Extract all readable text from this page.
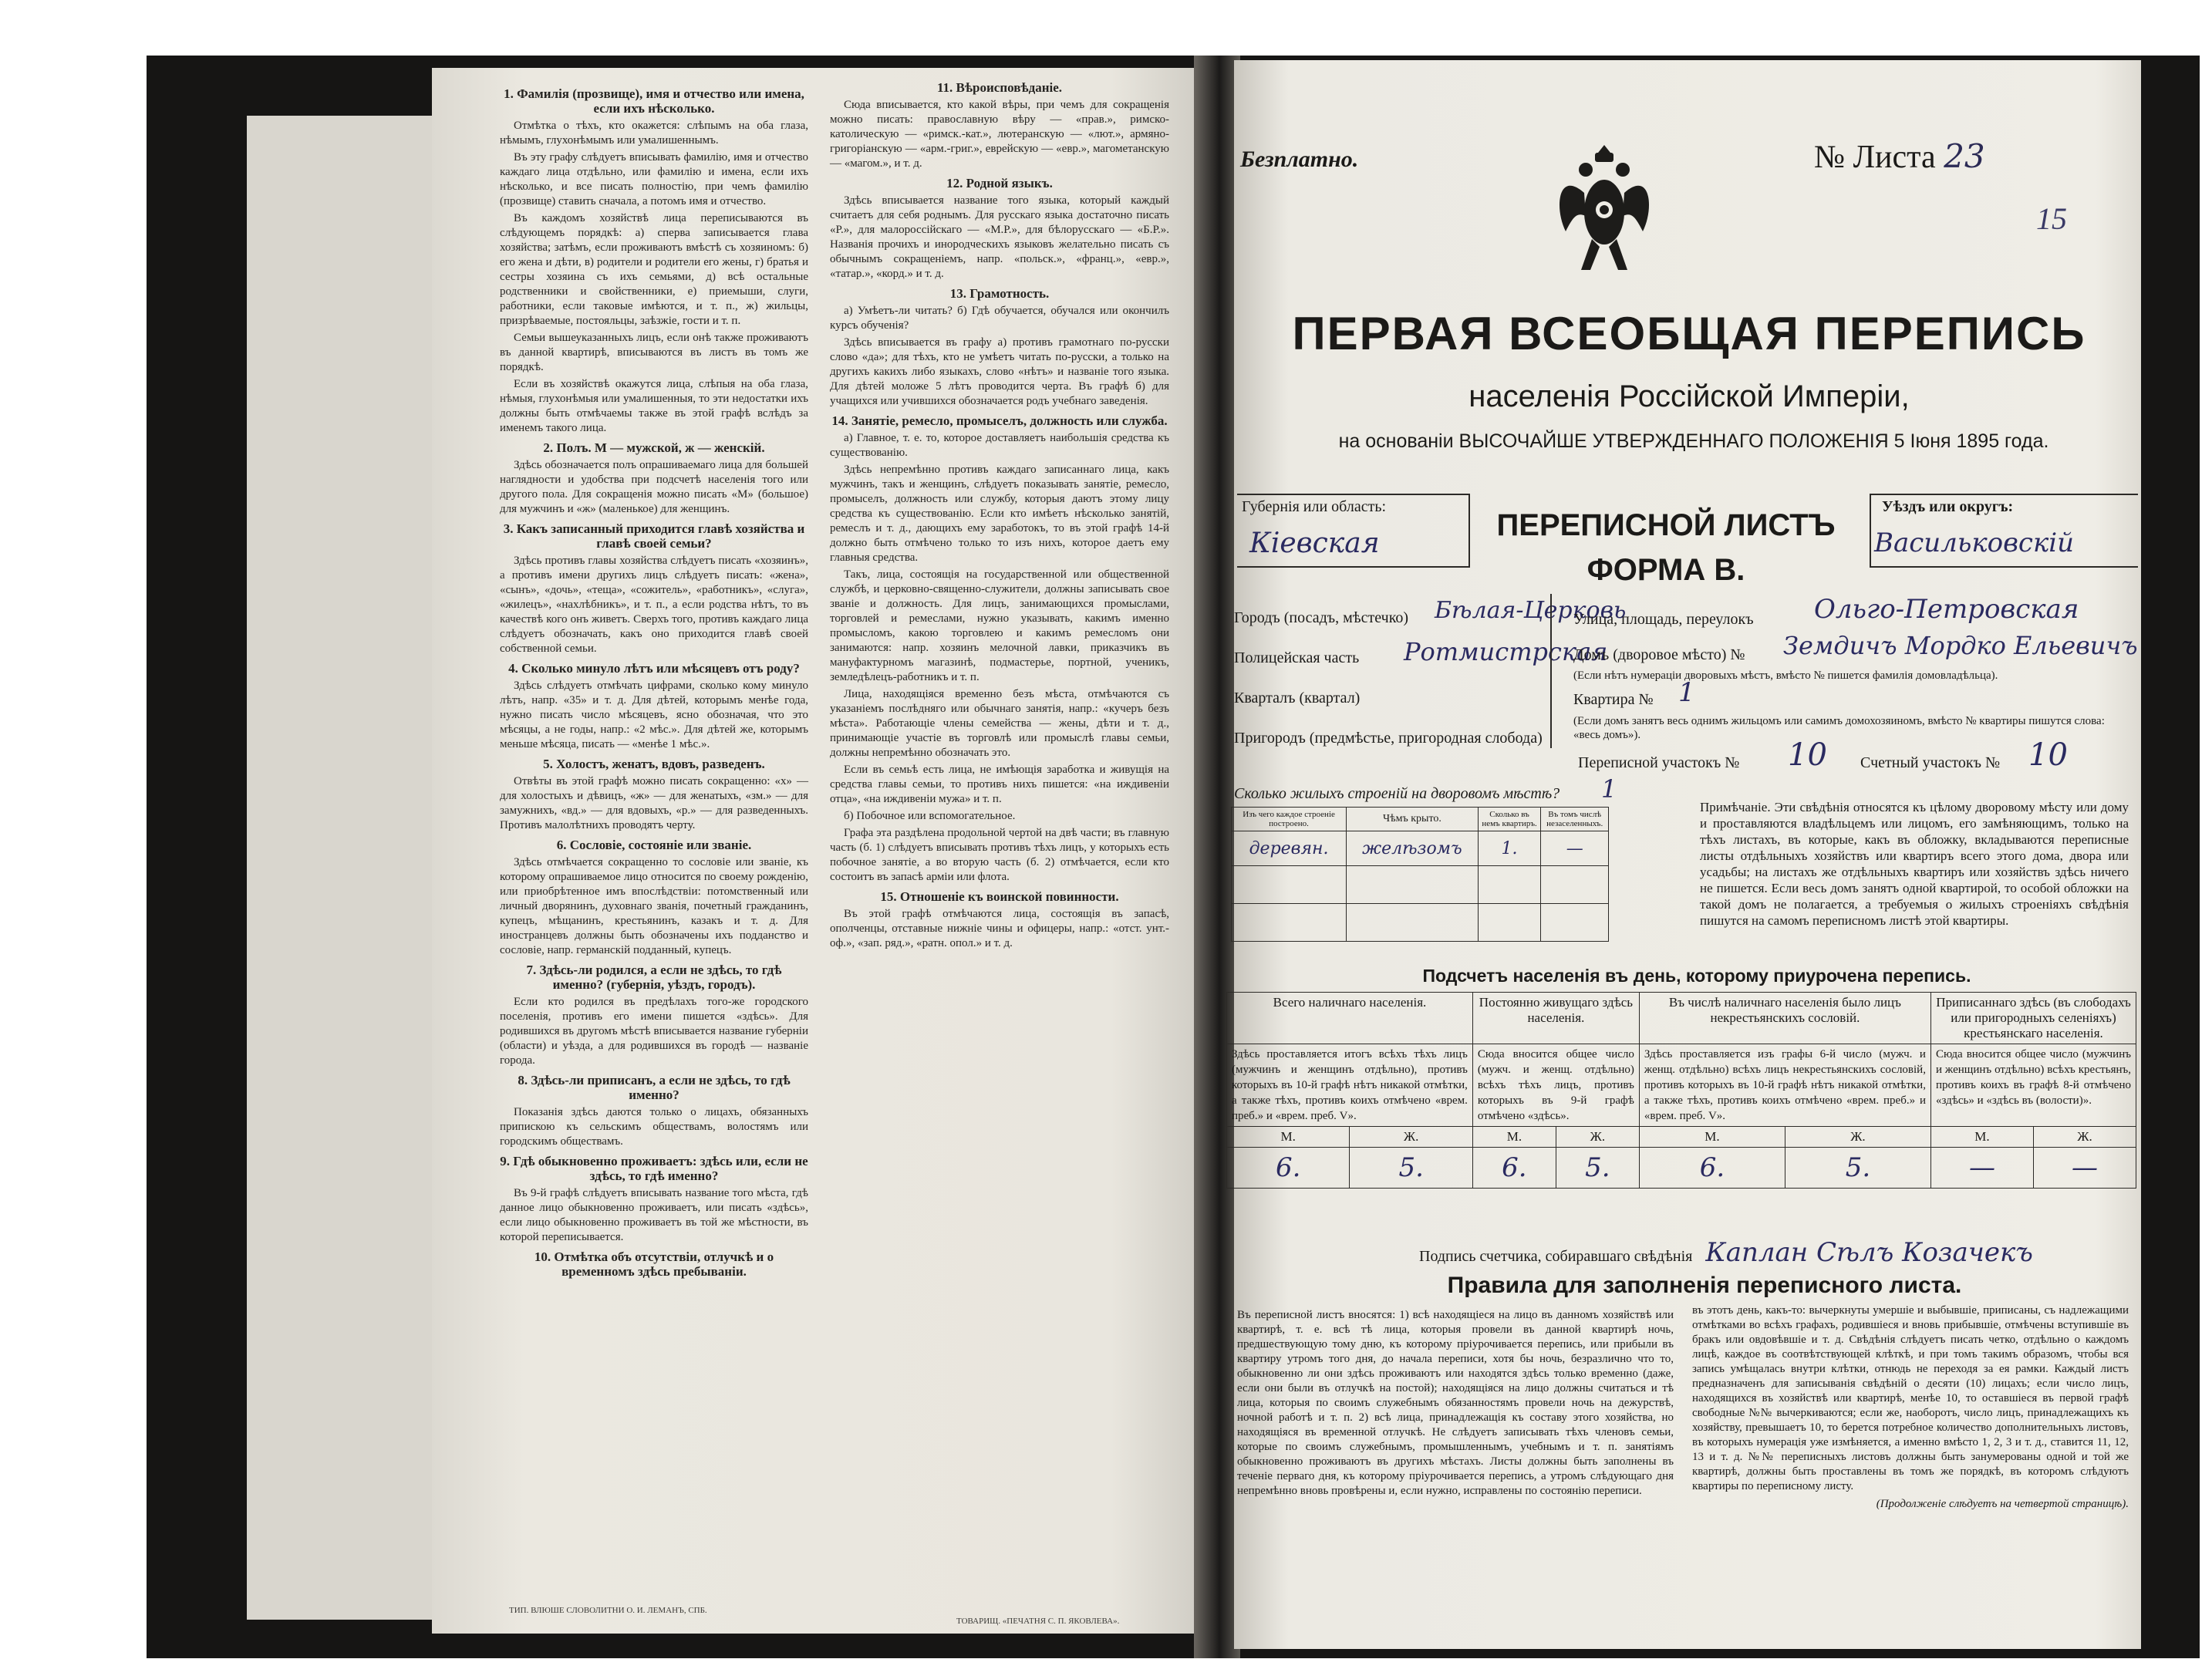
1. Фамилія (прозвище), имя и отчество или имена, если ихъ нѣсколько.

Отмѣтка о тѣхъ, кто окажется: слѣпымъ на оба глаза, нѣмымъ, глухонѣмымъ или умалишеннымъ.

Въ эту графу слѣдуетъ вписывать фамилію, имя и отчество каждаго лица отдѣльно, или фамилію и имена, если ихъ нѣсколько, и все писать полностію, при чемъ фамилію (прозвище) ставить сначала, а потомъ имя и отчество.

Въ каждомъ хозяйствѣ лица переписываются въ слѣдующемъ порядкѣ: а) сперва записывается глава хозяйства; затѣмъ, если проживаютъ вмѣстѣ съ хозяиномъ: б) его жена и дѣти, в) родители и родители его жены, г) братья и сестры хозяина съ ихъ семьями, д) всѣ остальные родственники и свойственники, е) приемыши, слуги, работники, если таковые имѣются, и т. п., ж) жильцы, призрѣваемые, постояльцы, заѣзжіе, гости и т. п.

Семьи вышеуказанныхъ лицъ, если онѣ также проживаютъ въ данной квартирѣ, вписываются въ листъ въ томъ же порядкѣ.

Если въ хозяйствѣ окажутся лица, слѣпыя на оба глаза, нѣмыя, глухонѣмыя или умалишенныя, то эти недостатки ихъ должны быть отмѣчаемы также въ этой графѣ вслѣдъ за именемъ такого лица.

2. Полъ. М — мужской, ж — женскій.

Здѣсь обозначается полъ опрашиваемаго лица для большей наглядности и удобства при подсчетѣ населенія того или другого пола. Для сокращенія можно писать «М» (большое) для мужчинъ и «ж» (маленькое) для женщинъ.

3. Какъ записанный приходится главѣ хозяйства и главѣ своей семьи?

Здѣсь противъ главы хозяйства слѣдуетъ писать «хозяинъ», а противъ имени другихъ лицъ слѣдуетъ писать: «жена», «сынъ», «дочь», «теща», «сожитель», «работникъ», «слуга», «жилецъ», «нахлѣбникъ», и т. п., а если родства нѣтъ, то въ качествѣ кого онъ живетъ. Сверхъ того, противъ каждаго лица слѣдуетъ обозначать, какъ оно приходится главѣ своей собственной семьи.

4. Сколько минуло лѣтъ или мѣсяцевъ отъ роду?

Здѣсь слѣдуетъ отмѣчать цифрами, сколько кому минуло лѣтъ, напр. «35» и т. д. Для дѣтей, которымъ менѣе года, нужно писать число мѣсяцевъ, ясно обозначая, что это мѣсяцы, а не годы, напр.: «2 мѣс.». Для дѣтей же, которымъ меньше мѣсяца, писать — «менѣе 1 мѣс.».

5. Холостъ, женатъ, вдовъ, разведенъ.

Отвѣты въ этой графѣ можно писать сокращенно: «х» — для холостыхъ и дѣвицъ, «ж» — для женатыхъ, «зм.» — для замужнихъ, «вд.» — для вдовыхъ, «р.» — для разведенныхъ. Противъ малолѣтнихъ проводятъ черту.

6. Сословіе, состояніе или званіе.

Здѣсь отмѣчается сокращенно то сословіе или званіе, къ которому опрашиваемое лицо относится по своему рожденію, или приобрѣтенное имъ впослѣдствіи: потомственный или личный дворянинъ, духовнаго званія, почетный гражданинъ, купецъ, мѣщанинъ, крестьянинъ, казакъ и т. д. Для иностранцевъ должны быть обозначены ихъ подданство и сословіе, напр. германскій подданный, купецъ.

7. Здѣсь-ли родился, а если не здѣсь, то гдѣ именно? (губернія, уѣздъ, городъ).

Если кто родился въ предѣлахъ того-же городского поселенія, противъ его имени пишется «здѣсь». Для родившихся въ другомъ мѣстѣ вписывается название губерніи (области) и уѣзда, а для родившихся въ городѣ — названіе города.

8. Здѣсь-ли приписанъ, а если не здѣсь, то гдѣ именно?

Показанія здѣсь даются только о лицахъ, обязанныхъ припискою къ сельскимъ обществамъ, волостямъ или городскимъ обществамъ.

9. Гдѣ обыкновенно проживаетъ: здѣсь или, если не здѣсь, то гдѣ именно?

Въ 9-й графѣ слѣдуетъ вписывать название того мѣста, гдѣ данное лицо обыкновенно проживаетъ, или писать «здѣсь», если лицо обыкновенно проживаетъ въ той же мѣстности, въ которой переписывается.

10. Отмѣтка объ отсутствіи, отлучкѣ и о временномъ здѣсь пребываніи.
11. Вѣроисповѣданіе.

Сюда вписывается, кто какой вѣры, при чемъ для сокращенія можно писать: православную вѣру — «прав.», римско-католическую — «римск.-кат.», лютеранскую — «лют.», армяно-григоріанскую — «арм.-григ.», еврейскую — «евр.», магометанскую — «магом.», и т. д.

12. Родной языкъ.

Здѣсь вписывается название того языка, который каждый считаетъ для себя роднымъ. Для русскаго языка достаточно писать «Р.», для малороссійскаго — «М.Р.», для бѣлорусскаго — «Б.Р.». Названія прочихъ и инородческихъ языковъ желательно писать съ обычнымъ сокращеніемъ, напр. «польск.», «франц.», «евр.», «татар.», «корд.» и т. д.

13. Грамотность.

а) Умѣетъ-ли читать? б) Гдѣ обучается, обучался или окончилъ курсъ обученія?

Здѣсь вписывается въ графу а) противъ грамотнаго по-русски слово «да»; для тѣхъ, кто не умѣетъ читать по-русски, а только на другихъ какихъ либо языкахъ, слово «нѣтъ» и названіе того языка. Для дѣтей моложе 5 лѣтъ проводится черта. Въ графѣ б) для учащихся или учившихся обозначается родъ учебнаго заведенія.

14. Занятіе, ремесло, промыселъ, должность или служба.

а) Главное, т. е. то, которое доставляетъ наибольшія средства къ существованію.

Здѣсь непремѣнно противъ каждаго записаннаго лица, какъ мужчинъ, такъ и женщинъ, слѣдуетъ показывать занятіе, ремесло, промыселъ, должность или службу, которыя даютъ этому лицу средства къ существованію. Если кто имѣетъ нѣсколько занятій, ремеслъ и т. д., дающихъ ему заработокъ, то въ этой графѣ 14-й должно быть отмѣчено только то изъ нихъ, которое даетъ ему главныя средства.

Такъ, лица, состоящія на государственной или общественной службѣ, и церковно-священно-служители, должны записывать свое званіе и должность. Для лицъ, занимающихся промыслами, торговлей и ремеслами, нужно указывать, какимъ именно промысломъ, какою торговлею и какимъ ремесломъ они занимаются: напр. хозяинъ мелочной лавки, приказчикъ въ мануфактурномъ магазинѣ, подмастерье, портной, ученикъ, земледѣлецъ-работникъ и т. п.

Лица, находящіяся временно безъ мѣста, отмѣчаются съ указаніемъ послѣдняго или обычнаго занятія, напр.: «кучеръ безъ мѣста». Работающіе члены семейства — жены, дѣти и т. д., принимающіе участіе въ торговлѣ или промыслѣ главы семьи, должны непремѣнно обозначать это.

Если въ семьѣ есть лица, не имѣющія заработка и живущія на средства главы семьи, то противъ нихъ пишется: «на иждивеніи отца», «на иждивеніи мужа» и т. п.

б) Побочное или вспомогательное.

Графа эта раздѣлена продольной чертой на двѣ части; въ главную часть (б. 1) слѣдуетъ вписывать противъ тѣхъ лицъ, у которыхъ есть побочное занятіе, а во вторую часть (б. 2) отмѣчается, если кто состоитъ въ запасѣ арміи или флота.

15. Отношеніе къ воинской повинности.

Въ этой графѣ отмѣчаются лица, состоящія въ запасѣ, ополченцы, отставные нижніе чины и офицеры, напр.: «отст. унт.-оф.», «зап. ряд.», «ратн. опол.» и т. д.

ТИП. ВЛЮШЕ СЛОВОЛИТНИ О. И. ЛЕМАНЪ, СПБ.
ТОВАРИЩ. «ПЕЧАТНЯ С. П. ЯКОВЛЕВА».
Безплатно.	№ Листа 23
15
ПЕРВАЯ ВСЕОБЩАЯ ПЕРЕПИСЬ
населенія Россійской Имперіи,
на основаніи ВЫСОЧАЙШЕ УТВЕРЖДЕННАГО ПОЛОЖЕНІЯ 5 Іюня 1895 года.
Губернія или область:
Кіевская
ПЕРЕПИСНОЙ ЛИСТЪ
ФОРМА В.
Уѣздъ или округъ:
Васильковскій
Городъ (посадъ, мѣстечко) Бѣлая-Церковь
Полицейская часть Ротмистрская
Кварталъ (квартал)
Пригородъ (предмѣстье, пригородная слобода)
Улица, площадь, переулокъ Ольго-Петровская
Домъ (дворовое мѣсто) № Земдичъ Мордко Ельевичъ
(Если нѣтъ нумераціи дворовыхъ мѣстъ, вмѣсто № пишется фамилія домовладѣльца).
Квартира № 1
(Если домъ занятъ весь однимъ жильцомъ или самимъ домохозяиномъ, вмѣсто № квартиры пишутся слова: «весь домъ»).
Переписной участокъ № 10 Счетный участокъ № 10
Сколько жилыхъ строеній на дворовомъ мѣстѣ? 1
Изъ чего каждое строеніе построено.	Чѣмъ крыто.	Сколько въ немъ квартиръ.	Въ томъ числѣ незаселенныхъ.
деревян.	желѣзомъ	1.	—

Примѣчаніе. Эти свѣдѣнія относятся къ цѣлому дворовому мѣсту или дому и проставляются владѣльцемъ или лицомъ, его замѣняющимъ, только на тѣхъ листахъ, въ которые, какъ въ обложку, вкладываются переписные листы отдѣльныхъ хозяйствъ или квартиръ всего этого дома, двора или усадьбы; на листахъ же отдѣльныхъ квартиръ или хозяйствъ здѣсь ничего не пишется. Если весь домъ занятъ одной квартирой, то особой обложки на такой домъ не полагается, а требуемыя о жилыхъ строеніяхъ свѣдѣнія пишутся на самомъ переписномъ листѣ этой квартиры.
Подсчетъ населенія въ день, которому приурочена перепись.
Всего наличнаго населенія.		Постоянно живущаго здѣсь населенія.		Въ числѣ наличнаго населенія было лицъ некрестьянскихъ сословій.		Приписаннаго здѣсь (въ слободахъ или пригородныхъ селеніяхъ) крестьянскаго населенія.	
Здѣсь проставляется итогъ всѣхъ тѣхъ лицъ (мужчинъ и женщинъ отдѣльно), противъ которыхъ въ 10-й графѣ нѣтъ никакой отмѣтки, а также тѣхъ, противъ коихъ отмѣчено «врем. преб.» и «врем. преб. V».		Сюда вносится общее число (мужч. и женщ. отдѣльно) всѣхъ тѣхъ лицъ, противъ которыхъ въ 9-й графѣ отмѣчено «здѣсь».		Здѣсь проставляется изъ графы 6-й число (мужч. и женщ. отдѣльно) всѣхъ лицъ некрестьянскихъ сословій, противъ которыхъ въ 10-й графѣ нѣтъ никакой отмѣтки, а также тѣхъ, противъ коихъ отмѣчено «врем. преб.» и «врем. преб. V».		Сюда вносится общее число (мужчинъ и женщинъ отдѣльно) всѣхъ крестьянъ, противъ коихъ въ графѣ 8-й отмѣчено «здѣсь» и «здѣсь въ (волости)».	
М.	Ж.	М.	Ж.	М.	Ж.	М.	Ж.
6.	5.	6.	5.	6.	5.	—	—
Подпись счетчика, собиравшаго свѣдѣнія Каплан Сѣлъ Козачекъ
Правила для заполненія переписного листа.
Въ переписной листъ вносятся: 1) всѣ находящіеся на лицо въ данномъ хозяйствѣ или квартирѣ, т. е. всѣ тѣ лица, которыя провели въ данной квартирѣ ночь, предшествующую тому дню, къ которому пріурочивается перепись, или прибыли въ квартиру утромъ того дня, до начала переписи, хотя бы ночь, безразлично что то, обыкновенно ли они здѣсь проживаютъ или находятся здѣсь только временно (даже, если они были въ отлучкѣ на постой); находящіяся на лицо должны считаться и тѣ лица, которыя по своимъ служебнымъ обязанностямъ провели ночь на дежурствѣ, ночной работѣ и т. п. 2) всѣ лица, принадлежащія къ составу этого хозяйства, но находящіяся въ временной отлучкѣ. Не слѣдуетъ записывать тѣхъ членовъ семьи, которые по своимъ служебнымъ, промышленнымъ, учебнымъ и т. п. занятіямъ обыкновенно проживаютъ въ другихъ мѣстахъ. Листы должны быть заполнены въ теченіе перваго дня, къ которому пріурочивается перепись, а утромъ слѣдующаго дня непремѣнно вновь провѣрены и, если нужно, исправлены по состоянію переписи.
въ этотъ день, какъ-то: вычеркнуты умершіе и выбывшіе, приписаны, съ надлежащими отмѣтками во всѣхъ графахъ, родившіеся и вновь прибывшіе, отмѣчены вступившіе въ бракъ или овдовѣвшіе и т. д. Свѣдѣнія слѣдуетъ писать четко, отдѣльно о каждомъ лицѣ, каждое въ соотвѣтствующей клѣткѣ, и при томъ такимъ образомъ, чтобы вся запись умѣщалась внутри клѣтки, отнюдь не переходя за ея рамки. Каждый листъ предназначенъ для записыванія свѣдѣній о десяти (10) лицахъ; если число лицъ, находящихся въ хозяйствѣ или квартирѣ, менѣе 10, то оставшіеся въ первой графѣ свободные №№ вычеркиваются; если же, наоборотъ, число лицъ, принадлежащихъ къ хозяйству, превышаетъ 10, то берется потребное количество дополнительныхъ листовъ, въ которыхъ нумерація уже измѣняется, а именно вмѣсто 1, 2, 3 и т. д., ставится 11, 12, 13 и т. д. №№ переписныхъ листовъ должны быть занумерованы одной и той же квартирѣ, должны быть проставлены въ томъ же порядкѣ, въ которомъ слѣдуютъ квартиры по переписному листу.
(Продолженіе слѣдуетъ на четвертой страницѣ).
